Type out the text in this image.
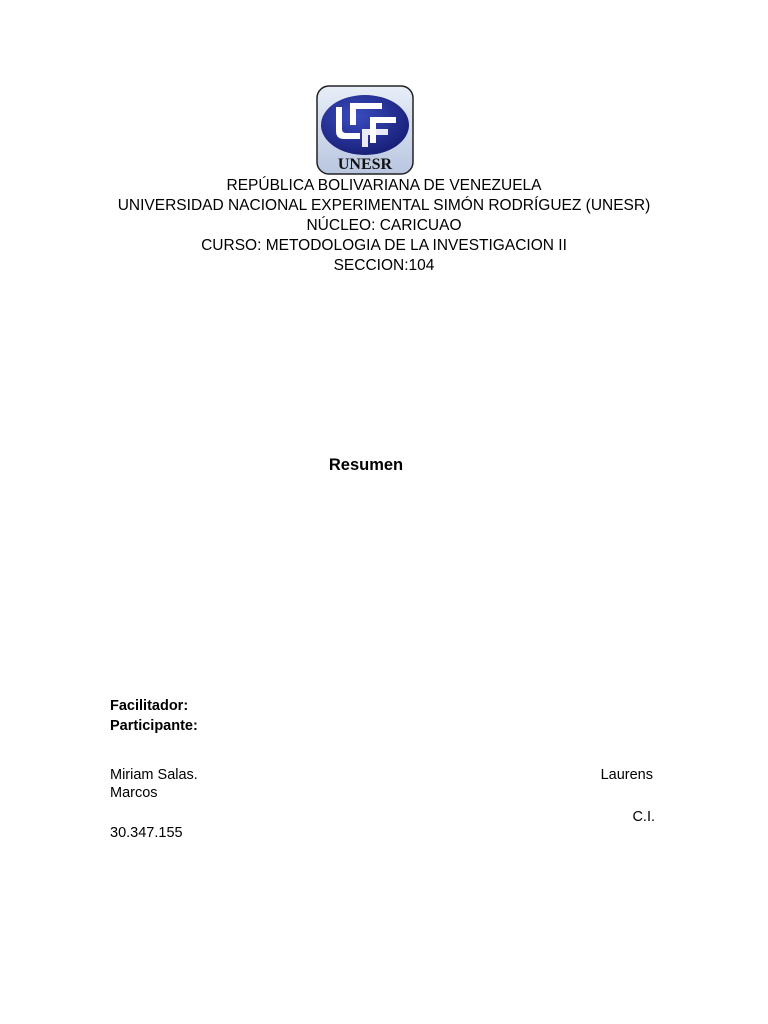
UNESR
REPÚBLICA BOLIVARIANA DE VENEZUELA
UNIVERSIDAD NACIONAL EXPERIMENTAL SIMÓN RODRÍGUEZ (UNESR)
NÚCLEO: CARICUAO
CURSO: METODOLOGIA DE LA INVESTIGACION II
SECCION:104
Resumen
Facilitador:
Participante:
Miriam Salas.	Laurens
Marcos
C.I.
30.347.155
